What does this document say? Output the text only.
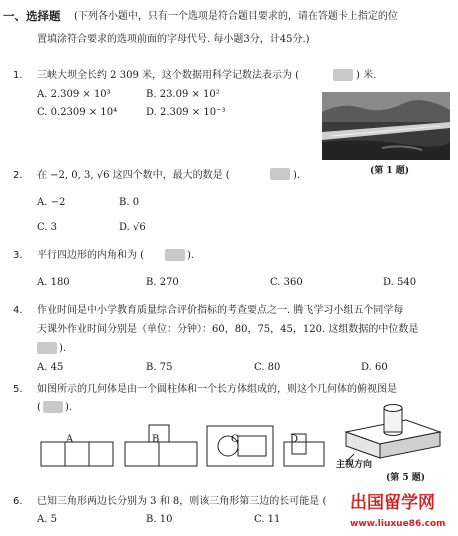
一、选择题 (下列各小题中，只有一个选项是符合题目要求的，请在答题卡上指定的位
置填涂符合要求的选项前面的字母代号. 每小题3分，计45分.)
1. 三峡大坝全长约 2 309 米，这个数据用科学记数法表示为 (	) 米.
A. 2.309 × 10³	B. 23.09 × 10²
C. 0.2309 × 10⁴	D. 2.309 × 10⁻³
(第 1 题)
2. 在 −2, 0, 3, √6 这四个数中，最大的数是 (	).
A. −2	B. 0
C. 3	D. √6
3. 平行四边形的内角和为 (	).
A. 180	B. 270	C. 360	D. 540
4. 作业时间是中小学教育质量综合评价指标的考查要点之一. 腾飞学习小组五个同学每
天课外作业时间分别是（单位：分钟）：60，80，75，45，120. 这组数据的中位数是
).
A. 45	B. 75	C. 80	D. 60
5. 如图所示的几何体是由一个圆柱体和一个长方体组成的，则这个几何体的俯视图是
( ).
A	B	C	D
主视方向
(第 5 题)
6. 已知三角形两边长分别为 3 和 8，则该三角形第三边的长可能是 (
A. 5	B. 10	C. 11
出国留学网
www.liuxue86.com
